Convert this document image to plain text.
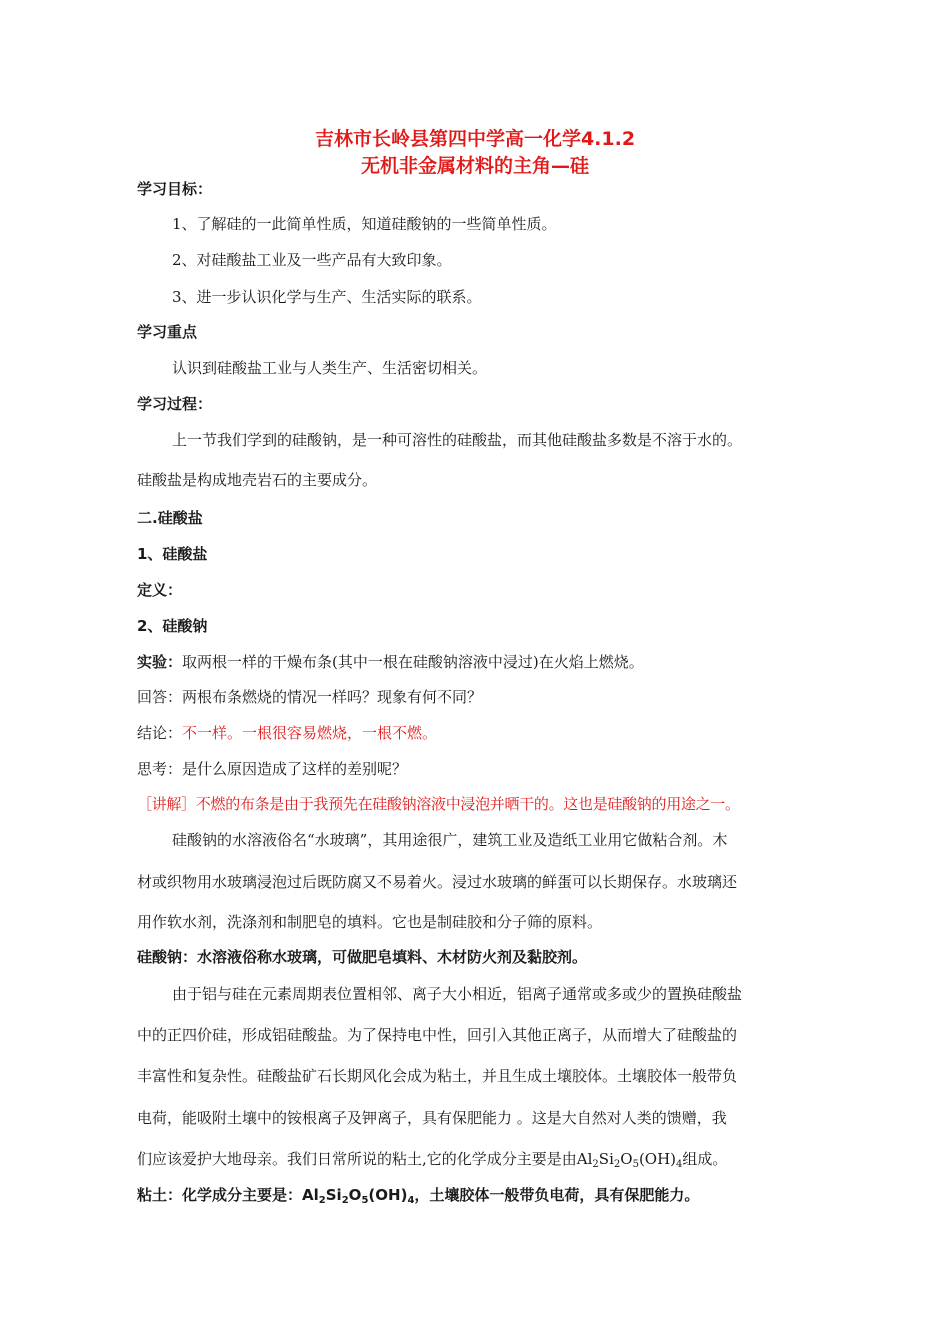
吉林市长岭县第四中学高一化学4.1.2
无机非金属材料的主角—硅
学习目标：
1、了解硅的一此简单性质，知道硅酸钠的一些简单性质。
2、对硅酸盐工业及一些产品有大致印象。
3、进一步认识化学与生产、生活实际的联系。
学习重点
认识到硅酸盐工业与人类生产、生活密切相关。
学习过程：
上一节我们学到的硅酸钠，是一种可溶性的硅酸盐，而其他硅酸盐多数是不溶于水的。
硅酸盐是构成地壳岩石的主要成分。
二.硅酸盐
1、硅酸盐
定义：
2、硅酸钠
实验：取两根一样的干燥布条(其中一根在硅酸钠溶液中浸过)在火焰上燃烧。
回答：两根布条燃烧的情况一样吗？现象有何不同？
结论：不一样。一根很容易燃烧，一根不燃。
思考：是什么原因造成了这样的差别呢？
［讲解］不燃的布条是由于我预先在硅酸钠溶液中浸泡并晒干的。这也是硅酸钠的用途之一。
硅酸钠的水溶液俗名“水玻璃”，其用途很广，建筑工业及造纸工业用它做粘合剂。木
材或织物用水玻璃浸泡过后既防腐又不易着火。浸过水玻璃的鲜蛋可以长期保存。水玻璃还
用作软水剂，洗涤剂和制肥皂的填料。它也是制硅胶和分子筛的原料。
硅酸钠：水溶液俗称水玻璃，可做肥皂填料、木材防火剂及黏胶剂。
由于铝与硅在元素周期表位置相邻、离子大小相近，铝离子通常或多或少的置换硅酸盐
中的正四价硅，形成铝硅酸盐。为了保持电中性，回引入其他正离子，从而增大了硅酸盐的
丰富性和复杂性。硅酸盐矿石长期风化会成为粘土，并且生成土壤胶体。土壤胶体一般带负
电荷，能吸附土壤中的铵根离子及钾离子，具有保肥能力 。这是大自然对人类的馈赠，我
们应该爱护大地母亲。我们日常所说的粘土,它的化学成分主要是由$Al_2Si_2O_5(OH)_4$组成。
粘土：化学成分主要是：$Al_2Si_2O_5(OH)_4$，土壤胶体一般带负电荷，具有保肥能力。
